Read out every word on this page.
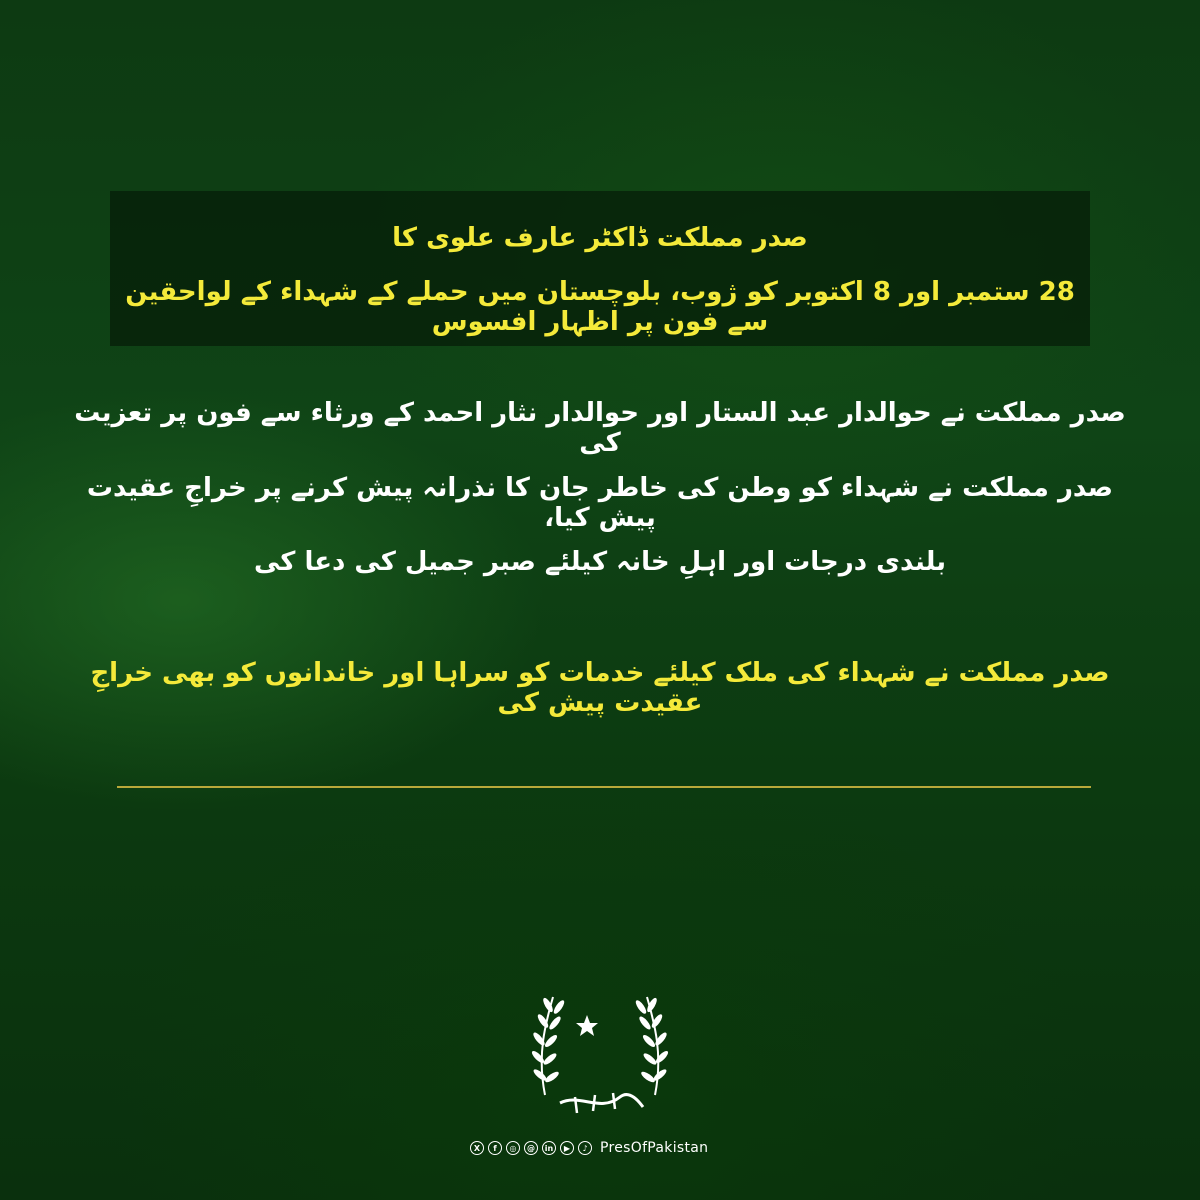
صدر مملکت ڈاکٹر عارف علوی کا
28 ستمبر اور 8 اکتوبر کو ژوب، بلوچستان میں حملے کے شہداء کے لواحقین سے فون پر اظہار افسوس
صدر مملکت نے حوالدار عبد الستار اور حوالدار نثار احمد کے ورثاء سے فون پر تعزیت کی
صدر مملکت نے شہداء کو وطن کی خاطر جان کا نذرانہ پیش کرنے پر خراجِ عقیدت پیش کیا،
بلندی درجات اور اہلِ خانہ کیلئے صبر جمیل کی دعا کی
صدر مملکت نے شہداء کی ملک کیلئے خدمات کو سراہا اور خاندانوں کو بھی خراجِ عقیدت پیش کی
X	f	◎	@	in	▶	♪ PresOfPakistan
